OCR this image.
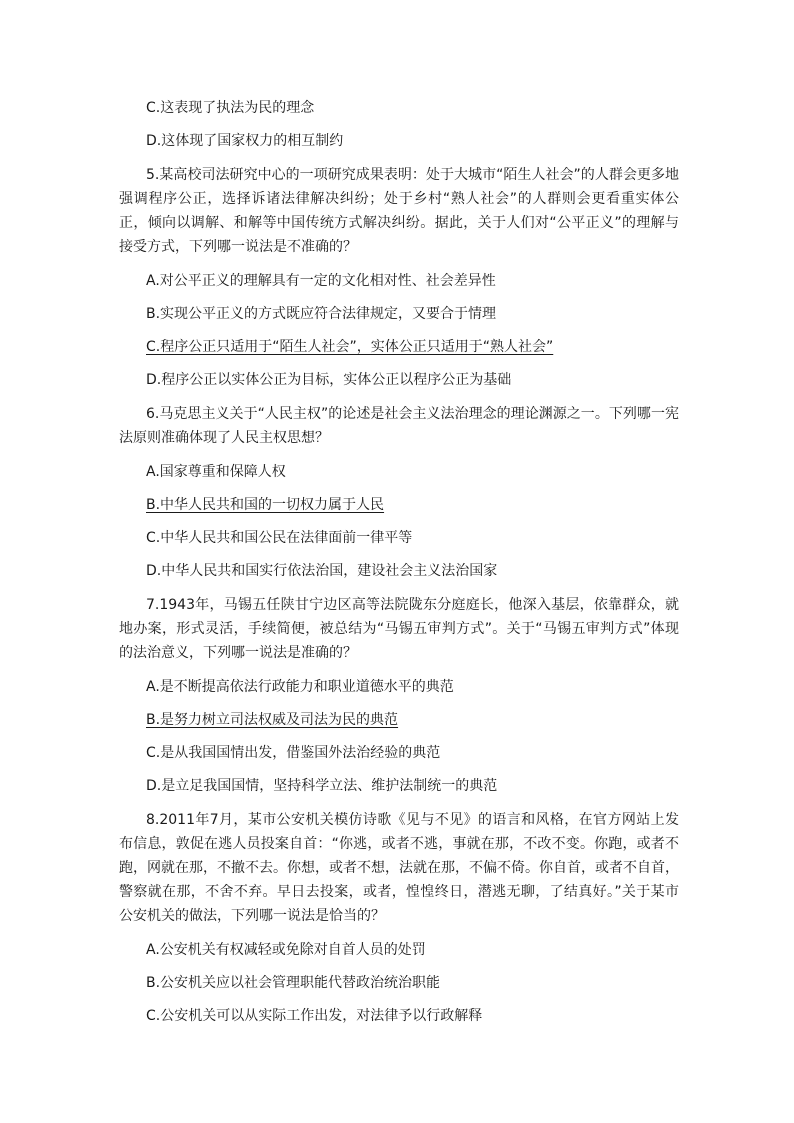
C.这表现了执法为民的理念

D.这体现了国家权力的相互制约

5.某高校司法研究中心的一项研究成果表明：处于大城市“陌生人社会”的人群会更多地强调程序公正，选择诉诸法律解决纠纷；处于乡村“熟人社会”的人群则会更看重实体公正，倾向以调解、和解等中国传统方式解决纠纷。据此，关于人们对“公平正义”的理解与接受方式，下列哪一说法是不准确的？

A.对公平正义的理解具有一定的文化相对性、社会差异性

B.实现公平正义的方式既应符合法律规定，又要合于情理

C.程序公正只适用于“陌生人社会”，实体公正只适用于“熟人社会”

D.程序公正以实体公正为目标，实体公正以程序公正为基础

6.马克思主义关于“人民主权”的论述是社会主义法治理念的理论渊源之一。下列哪一宪法原则准确体现了人民主权思想？

A.国家尊重和保障人权

B.中华人民共和国的一切权力属于人民

C.中华人民共和国公民在法律面前一律平等

D.中华人民共和国实行依法治国，建设社会主义法治国家

7.1943年，马锡五任陕甘宁边区高等法院陇东分庭庭长，他深入基层，依靠群众，就地办案，形式灵活，手续简便，被总结为“马锡五审判方式”。关于“马锡五审判方式”体现的法治意义，下列哪一说法是准确的？

A.是不断提高依法行政能力和职业道德水平的典范

B.是努力树立司法权威及司法为民的典范

C.是从我国国情出发，借鉴国外法治经验的典范

D.是立足我国国情，坚持科学立法、维护法制统一的典范

8.2011年7月，某市公安机关模仿诗歌《见与不见》的语言和风格，在官方网站上发布信息，敦促在逃人员投案自首：“你逃，或者不逃，事就在那，不改不变。你跑，或者不跑，网就在那，不撤不去。你想，或者不想，法就在那，不偏不倚。你自首，或者不自首，警察就在那，不舍不弃。早日去投案，或者，惶惶终日，潜逃无聊，了结真好。”关于某市公安机关的做法，下列哪一说法是恰当的？

A.公安机关有权减轻或免除对自首人员的处罚

B.公安机关应以社会管理职能代替政治统治职能

C.公安机关可以从实际工作出发，对法律予以行政解释
